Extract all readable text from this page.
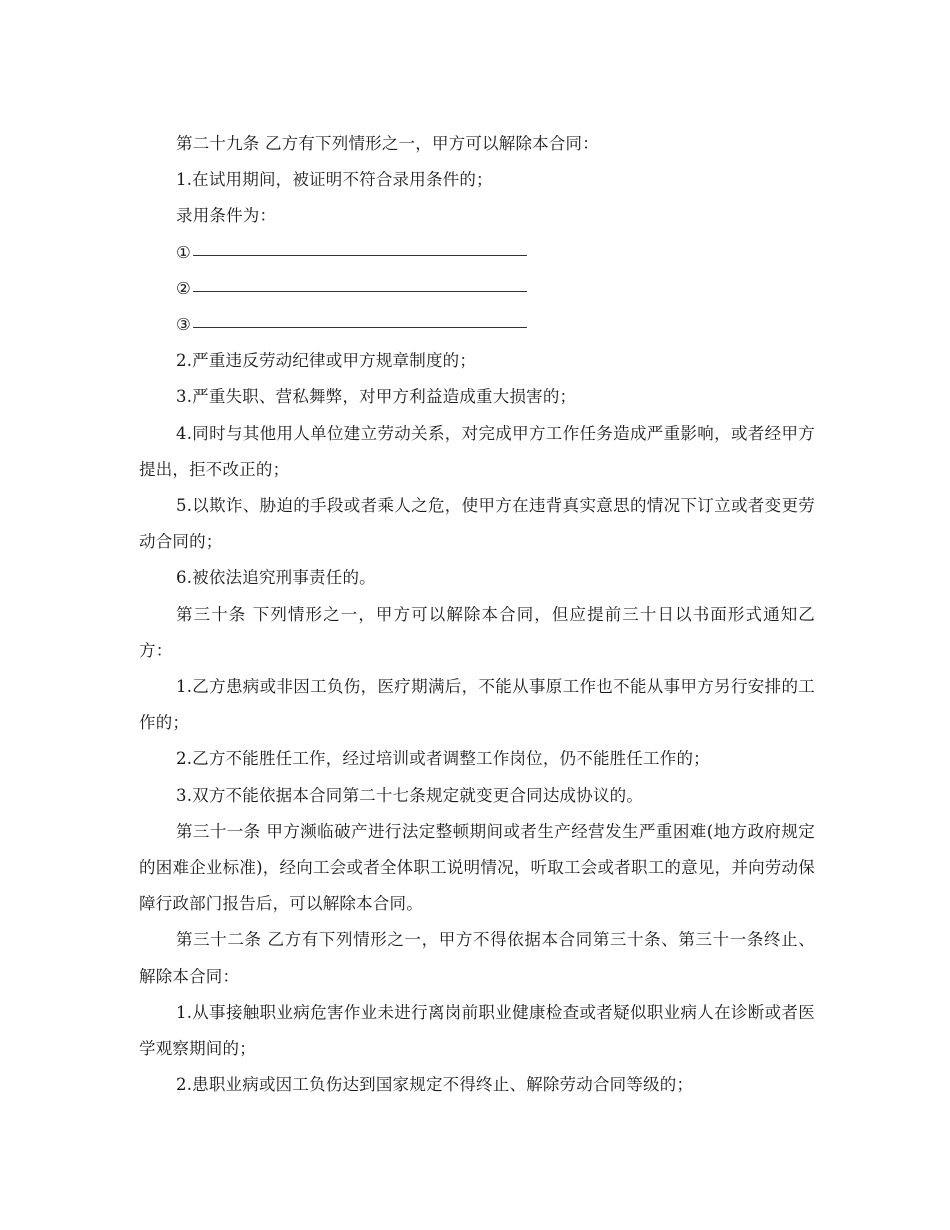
第二十九条 乙方有下列情形之一，甲方可以解除本合同：

1.在试用期间，被证明不符合录用条件的；

录用条件为：

①

②

③

2.严重违反劳动纪律或甲方规章制度的；

3.严重失职、营私舞弊，对甲方利益造成重大损害的；

4.同时与其他用人单位建立劳动关系，对完成甲方工作任务造成严重影响，或者经甲方提出，拒不改正的；

5.以欺诈、胁迫的手段或者乘人之危，使甲方在违背真实意思的情况下订立或者变更劳动合同的；

6.被依法追究刑事责任的。

第三十条 下列情形之一，甲方可以解除本合同，但应提前三十日以书面形式通知乙方：

1.乙方患病或非因工负伤，医疗期满后，不能从事原工作也不能从事甲方另行安排的工作的；

2.乙方不能胜任工作，经过培训或者调整工作岗位，仍不能胜任工作的；

3.双方不能依据本合同第二十七条规定就变更合同达成协议的。

第三十一条 甲方濒临破产进行法定整顿期间或者生产经营发生严重困难(地方政府规定的困难企业标准)，经向工会或者全体职工说明情况，听取工会或者职工的意见，并向劳动保障行政部门报告后，可以解除本合同。

第三十二条 乙方有下列情形之一，甲方不得依据本合同第三十条、第三十一条终止、解除本合同：

1.从事接触职业病危害作业未进行离岗前职业健康检查或者疑似职业病人在诊断或者医学观察期间的；

2.患职业病或因工负伤达到国家规定不得终止、解除劳动合同等级的；
